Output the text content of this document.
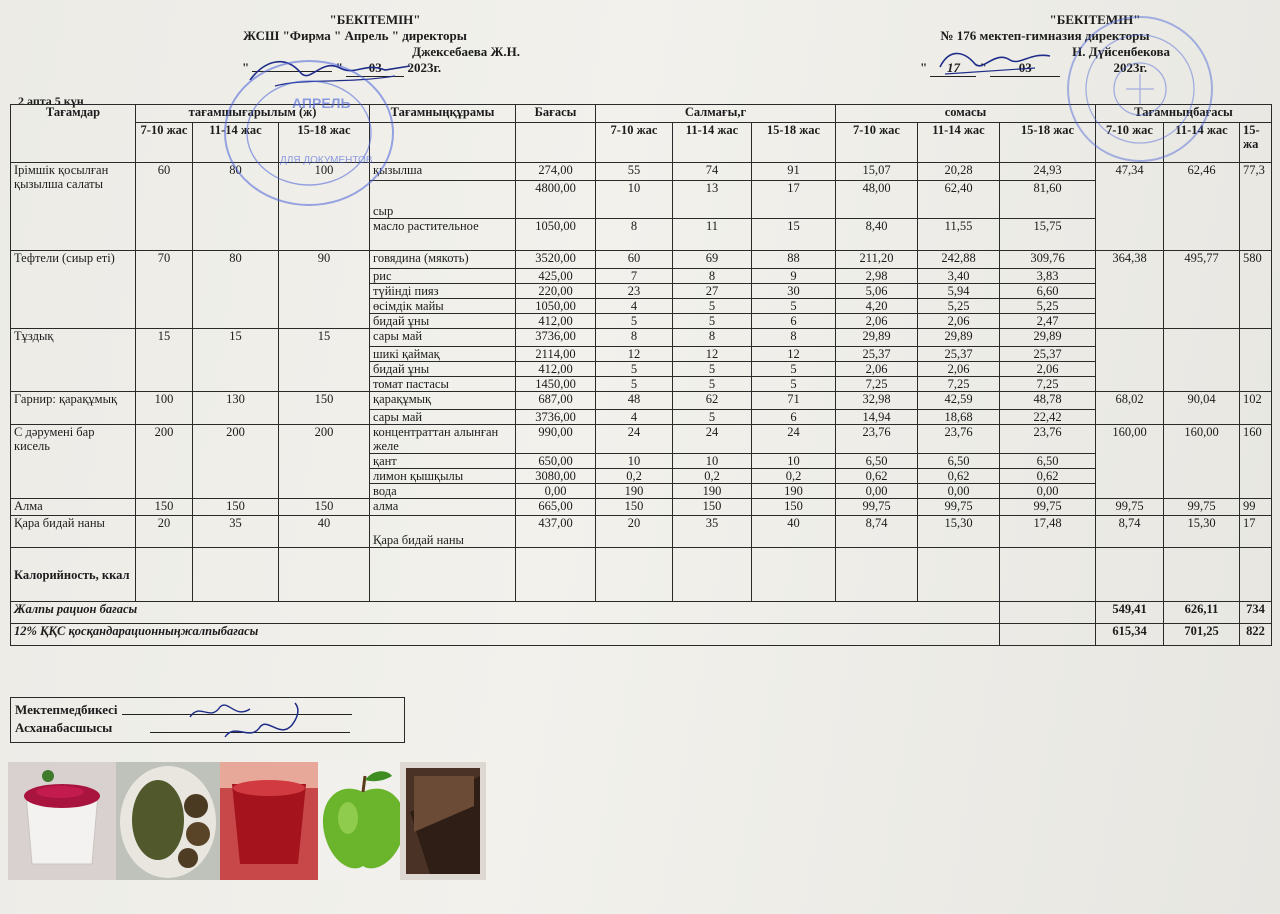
"БЕКІТЕМІН"
ЖСШ "Фирма " Апрель " директоры
Джексебаева Ж.Н.
"	" 03 2023г.
"БЕКІТЕМІН"
№ 176 мектеп-гимназия директоры
Н. Дүйсенбекова
" 17 " 03	2023г.
2 апта 5 күн
Тағамдар	тағамшығарылым (ж)			Тағамныңқұрамы	Бағасы	Салмағы,г			сомасы			Тағамныңбағасы		
	7-10 жас	11-14 жас	15-18 жас			7-10 жас	11-14 жас	15-18 жас	7-10 жас	11-14 жас	15-18 жас	7-10 жас	11-14 жас	15-
жа
Ірімшік қосылған қызылша салаты	60	80	100	қызылша	274,00	55	74	91	15,07	20,28	24,93	47,34	62,46	77,3
				сыр	4800,00	10	13	17	48,00	62,40	81,60			
				масло растительное	1050,00	8	11	15	8,40	11,55	15,75			
Тефтели (сиыр еті)	70	80	90	говядина (мякоть)	3520,00	60	69	88	211,20	242,88	309,76	364,38	495,77	580
				рис	425,00	7	8	9	2,98	3,40	3,83			
				түйінді пияз	220,00	23	27	30	5,06	5,94	6,60			
				өсімдік майы	1050,00	4	5	5	4,20	5,25	5,25			
				бидай ұны	412,00	5	5	6	2,06	2,06	2,47			
Тұздық	15	15	15	сары май	3736,00	8	8	8	29,89	29,89	29,89			
				шикі қаймақ	2114,00	12	12	12	25,37	25,37	25,37			
				бидай ұны	412,00	5	5	5	2,06	2,06	2,06			
				томат пастасы	1450,00	5	5	5	7,25	7,25	7,25			
Гарнир: қарақұмық	100	130	150	қарақұмық	687,00	48	62	71	32,98	42,59	48,78	68,02	90,04	102
				сары май	3736,00	4	5	6	14,94	18,68	22,42			
С дәрумені бар кисель	200	200	200	концентраттан алынған желе	990,00	24	24	24	23,76	23,76	23,76	160,00	160,00	160
				қант	650,00	10	10	10	6,50	6,50	6,50			
				лимон қышқылы	3080,00	0,2	0,2	0,2	0,62	0,62	0,62			
				вода	0,00	190	190	190	0,00	0,00	0,00			
Алма	150	150	150	алма	665,00	150	150	150	99,75	99,75	99,75	99,75	99,75	99
Қара бидай наны	20	35	40	Қара бидай наны	437,00	20	35	40	8,74	15,30	17,48	8,74	15,30	17
Калорийность, ккал														
Жалпы рацион бағасы												549,41	626,11	734
12% ҚҚС қосқандарационныңжалпыбағасы												615,34	701,25	822
Мектепмедбикесі
Асханабасшысы
АПРЕЛЬ
ДЛЯ ДОКУМЕНТОВ
